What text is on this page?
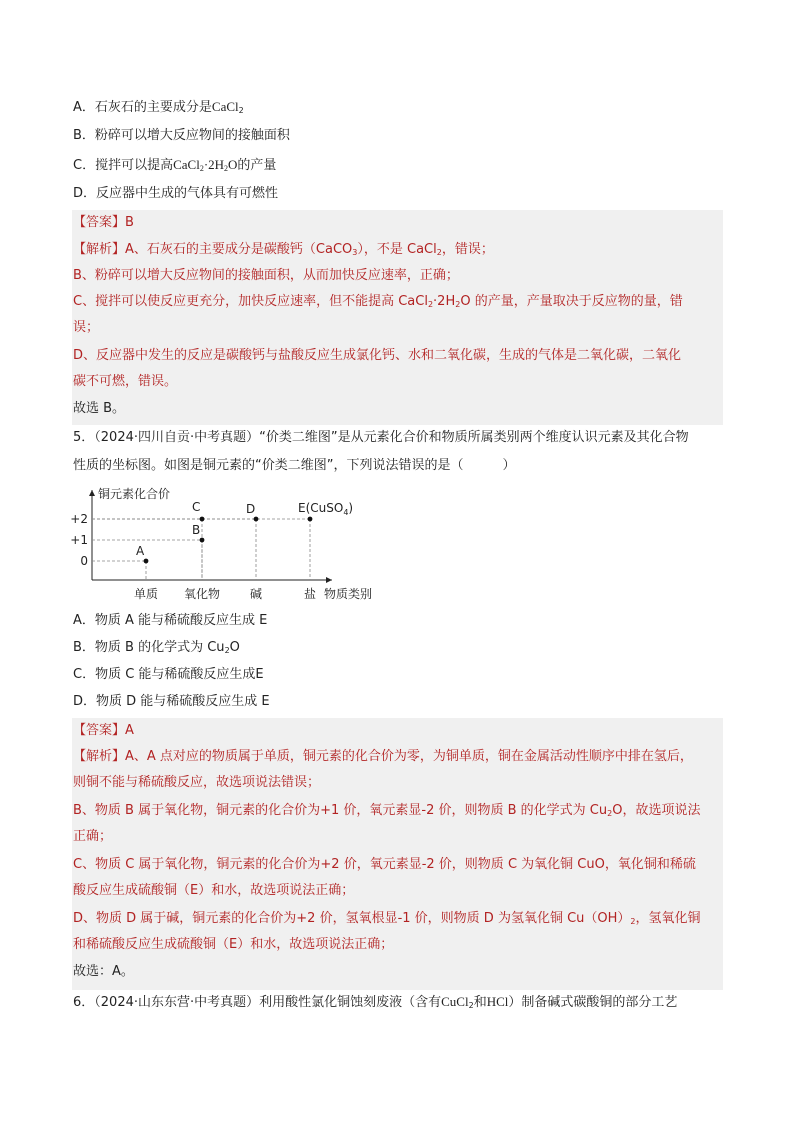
A．石灰石的主要成分是CaCl$_2$
B．粉碎可以增大反应物间的接触面积
C．搅拌可以提高$CaCl_2\cdot 2H_2O$的产量
D．反应器中生成的气体具有可燃性
【答案】B
【解析】A、石灰石的主要成分是碳酸钙（CaCO$_3$），不是 CaCl$_2$，错误；
B、粉碎可以增大反应物间的接触面积，从而加快反应速率，正确；
C、搅拌可以使反应更充分，加快反应速率，但不能提高 $CaCl_2\cdot 2H_2O$ 的产量，产量取决于反应物的量，错
误；
D、反应器中发生的反应是碳酸钙与盐酸反应生成氯化钙、水和二氧化碳，生成的气体是二氧化碳，二氧化
碳不可燃，错误。
故选 B。
5．（2024·四川自贡·中考真题）“价类二维图”是从元素化合价和物质所属类别两个维度认识元素及其化合物
性质的坐标图。如图是铜元素的“价类二维图”，下列说法错误的是（　　　）
铜元素化合价
物质类别
+2
+1
0
单质 氧化物 碱	盐
A
B
C	D	E(CuSO$_4$)
A．物质 A 能与稀硫酸反应生成 E
B．物质 B 的化学式为 $Cu_2O$
C．物质 C 能与稀硫酸反应生成E
D．物质 D 能与稀硫酸反应生成 E
【答案】A
【解析】A、A 点对应的物质属于单质，铜元素的化合价为零，为铜单质，铜在金属活动性顺序中排在氢后，
则铜不能与稀硫酸反应，故选项说法错误；
B、物质 B 属于氧化物，铜元素的化合价为+1 价，氧元素显-2 价，则物质 B 的化学式为 $Cu_2O$，故选项说法
正确；
C、物质 C 属于氧化物，铜元素的化合价为+2 价，氧元素显-2 价，则物质 C 为氧化铜 CuO，氧化铜和稀硫
酸反应生成硫酸铜（E）和水，故选项说法正确；
D、物质 D 属于碱，铜元素的化合价为+2 价，氢氧根显-1 价，则物质 D 为氢氧化铜 $Cu(OH)_2$，氢氧化铜
和稀硫酸反应生成硫酸铜（E）和水，故选项说法正确；
故选：A。
6．（2024·山东东营·中考真题）利用酸性氯化铜蚀刻废液（含有CuCl$_2$和HCl）制备碱式碳酸铜的部分工艺
